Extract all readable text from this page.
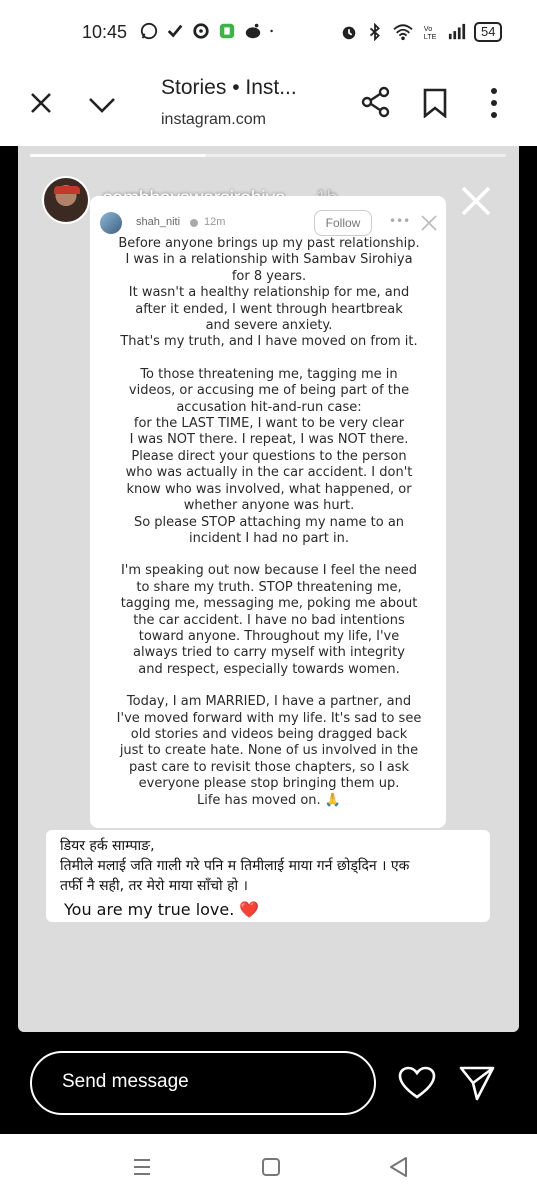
10:45	Vo
LTE	54
Stories • Inst...
instagram.com
shah_niti 12m	Follow	•••

Before anyone brings up my past relationship.

I was in a relationship with Sambav Sirohiya

for 8 years.

It wasn't a healthy relationship for me, and

after it ended, I went through heartbreak

and severe anxiety.

That's my truth, and I have moved on from it.

To those threatening me, tagging me in

videos, or accusing me of being part of the

accusation hit-and-run case:

for the LAST TIME, I want to be very clear

I was NOT there. I repeat, I was NOT there.

Please direct your questions to the person

who was actually in the car accident. I don't

know who was involved, what happened, or

whether anyone was hurt.

So please STOP attaching my name to an

incident I had no part in.

I'm speaking out now because I feel the need

to share my truth. STOP threatening me,

tagging me, messaging me, poking me about

the car accident. I have no bad intentions

toward anyone. Throughout my life, I've

always tried to carry myself with integrity

and respect, especially towards women.

Today, I am MARRIED, I have a partner, and

I've moved forward with my life. It's sad to see

old stories and videos being dragged back

just to create hate. None of us involved in the

past care to revisit those chapters, so I ask

everyone please stop bringing them up.

Life has moved on. 🙏

डियर हर्क साम्पाङ,
तिमीले मलाई जति गाली गरे पनि म तिमीलाई माया गर्न छोड्दिन । एक
तर्फी नै सही, तर मेरो माया साँचो हो ।
You are my true love. ❤️
Send message
